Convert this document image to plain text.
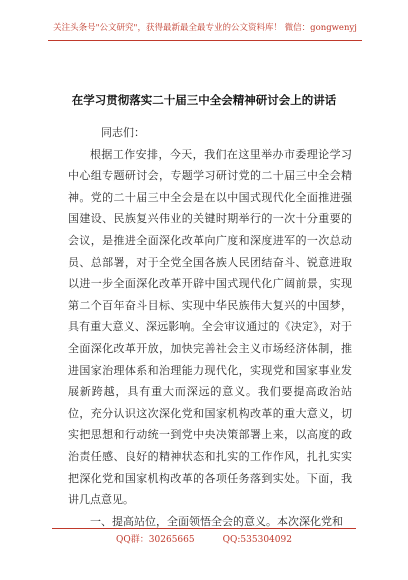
关注头条号"公文研究"，获得最新最全最专业的公文资料库！ 微信：gongwenyj
在学习贯彻落实二十届三中全会精神研讨会上的讲话

同志们：

根据工作安排，今天，我们在这里举办市委理论学习中心组专题研讨会，专题学习研讨党的二十届三中全会精神。党的二十届三中全会是在以中国式现代化全面推进强国建设、民族复兴伟业的关键时期举行的一次十分重要的会议，是推进全面深化改革向广度和深度进军的一次总动员、总部署，对于全党全国各族人民团结奋斗、锐意进取以进一步全面深化改革开辟中国式现代化广阔前景，实现第二个百年奋斗目标、实现中华民族伟大复兴的中国梦，具有重大意义、深远影响。全会审议通过的《决定》，对于全面深化改革开放，加快完善社会主义市场经济体制，推进国家治理体系和治理能力现代化，实现党和国家事业发展新跨越，具有重大而深远的意义。我们要提高政治站位，充分认识这次深化党和国家机构改革的重大意义，切实把思想和行动统一到党中央决策部署上来，以高度的政治责任感、良好的精神状态和扎实的工作作风，扎扎实实把深化党和国家机构改革的各项任务落到实处。下面，我讲几点意见。

一、提高站位，全面领悟全会的意义。本次深化党和

QQ群：30265665	QQ:535304092
